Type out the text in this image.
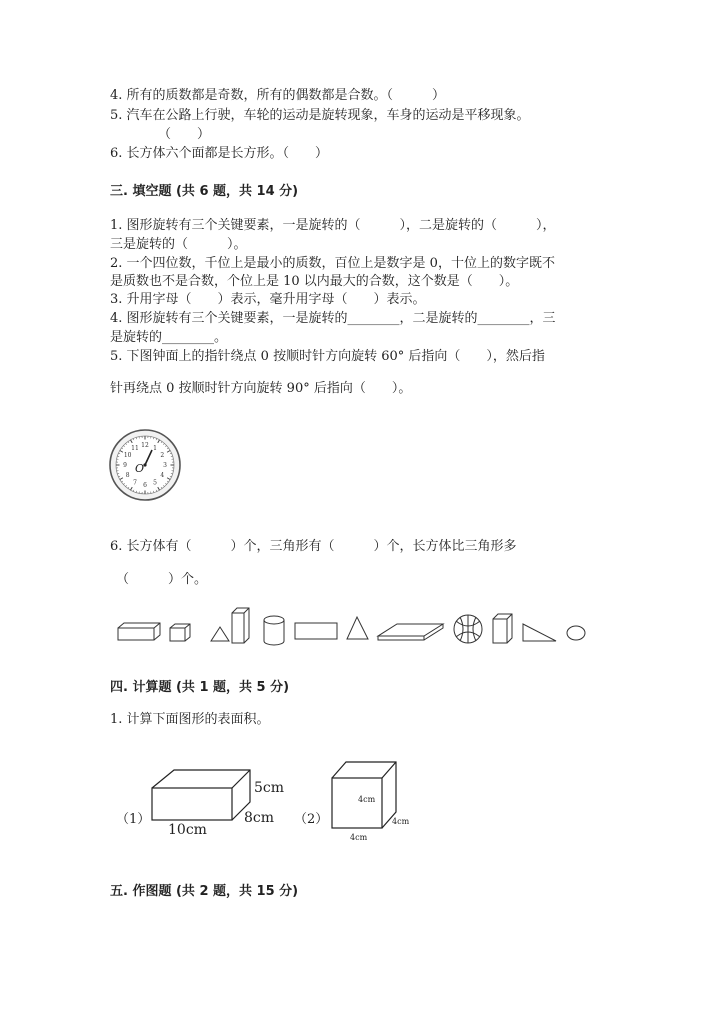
4. 所有的质数都是奇数，所有的偶数都是合数。（　　　）
5. 汽车在公路上行驶，车轮的运动是旋转现象，车身的运动是平移现象。
（　　）
6. 长方体六个面都是长方形。（　　）
三. 填空题 (共 6 题，共 14 分)
1. 图形旋转有三个关键要素，一是旋转的（　　　），二是旋转的（　　　），
三是旋转的（　　　）。
2. 一个四位数，千位上是最小的质数，百位上是数字是 0，十位上的数字既不
是质数也不是合数，个位上是 10 以内最大的合数，这个数是（　　）。
3. 升用字母（　　）表示，毫升用字母（　　）表示。
4. 图形旋转有三个关键要素，一是旋转的________，二是旋转的________，三
是旋转的________。
5. 下图钟面上的指针绕点 0 按顺时针方向旋转 60° 后指向（　　），然后指
针再绕点 0 按顺时针方向旋转 90° 后指向（　　）。
12 1
2
3
4
5
6
7
8
9
10
11
O
6. 长方体有（　　　）个，三角形有（　　　）个，长方体比三角形多
（　　　）个。
四. 计算题 (共 1 题，共 5 分)
1. 计算下面图形的表面积。
（1）
5cm
8cm
10cm
（2）
4cm
4cm
4cm
五. 作图题 (共 2 题，共 15 分)
